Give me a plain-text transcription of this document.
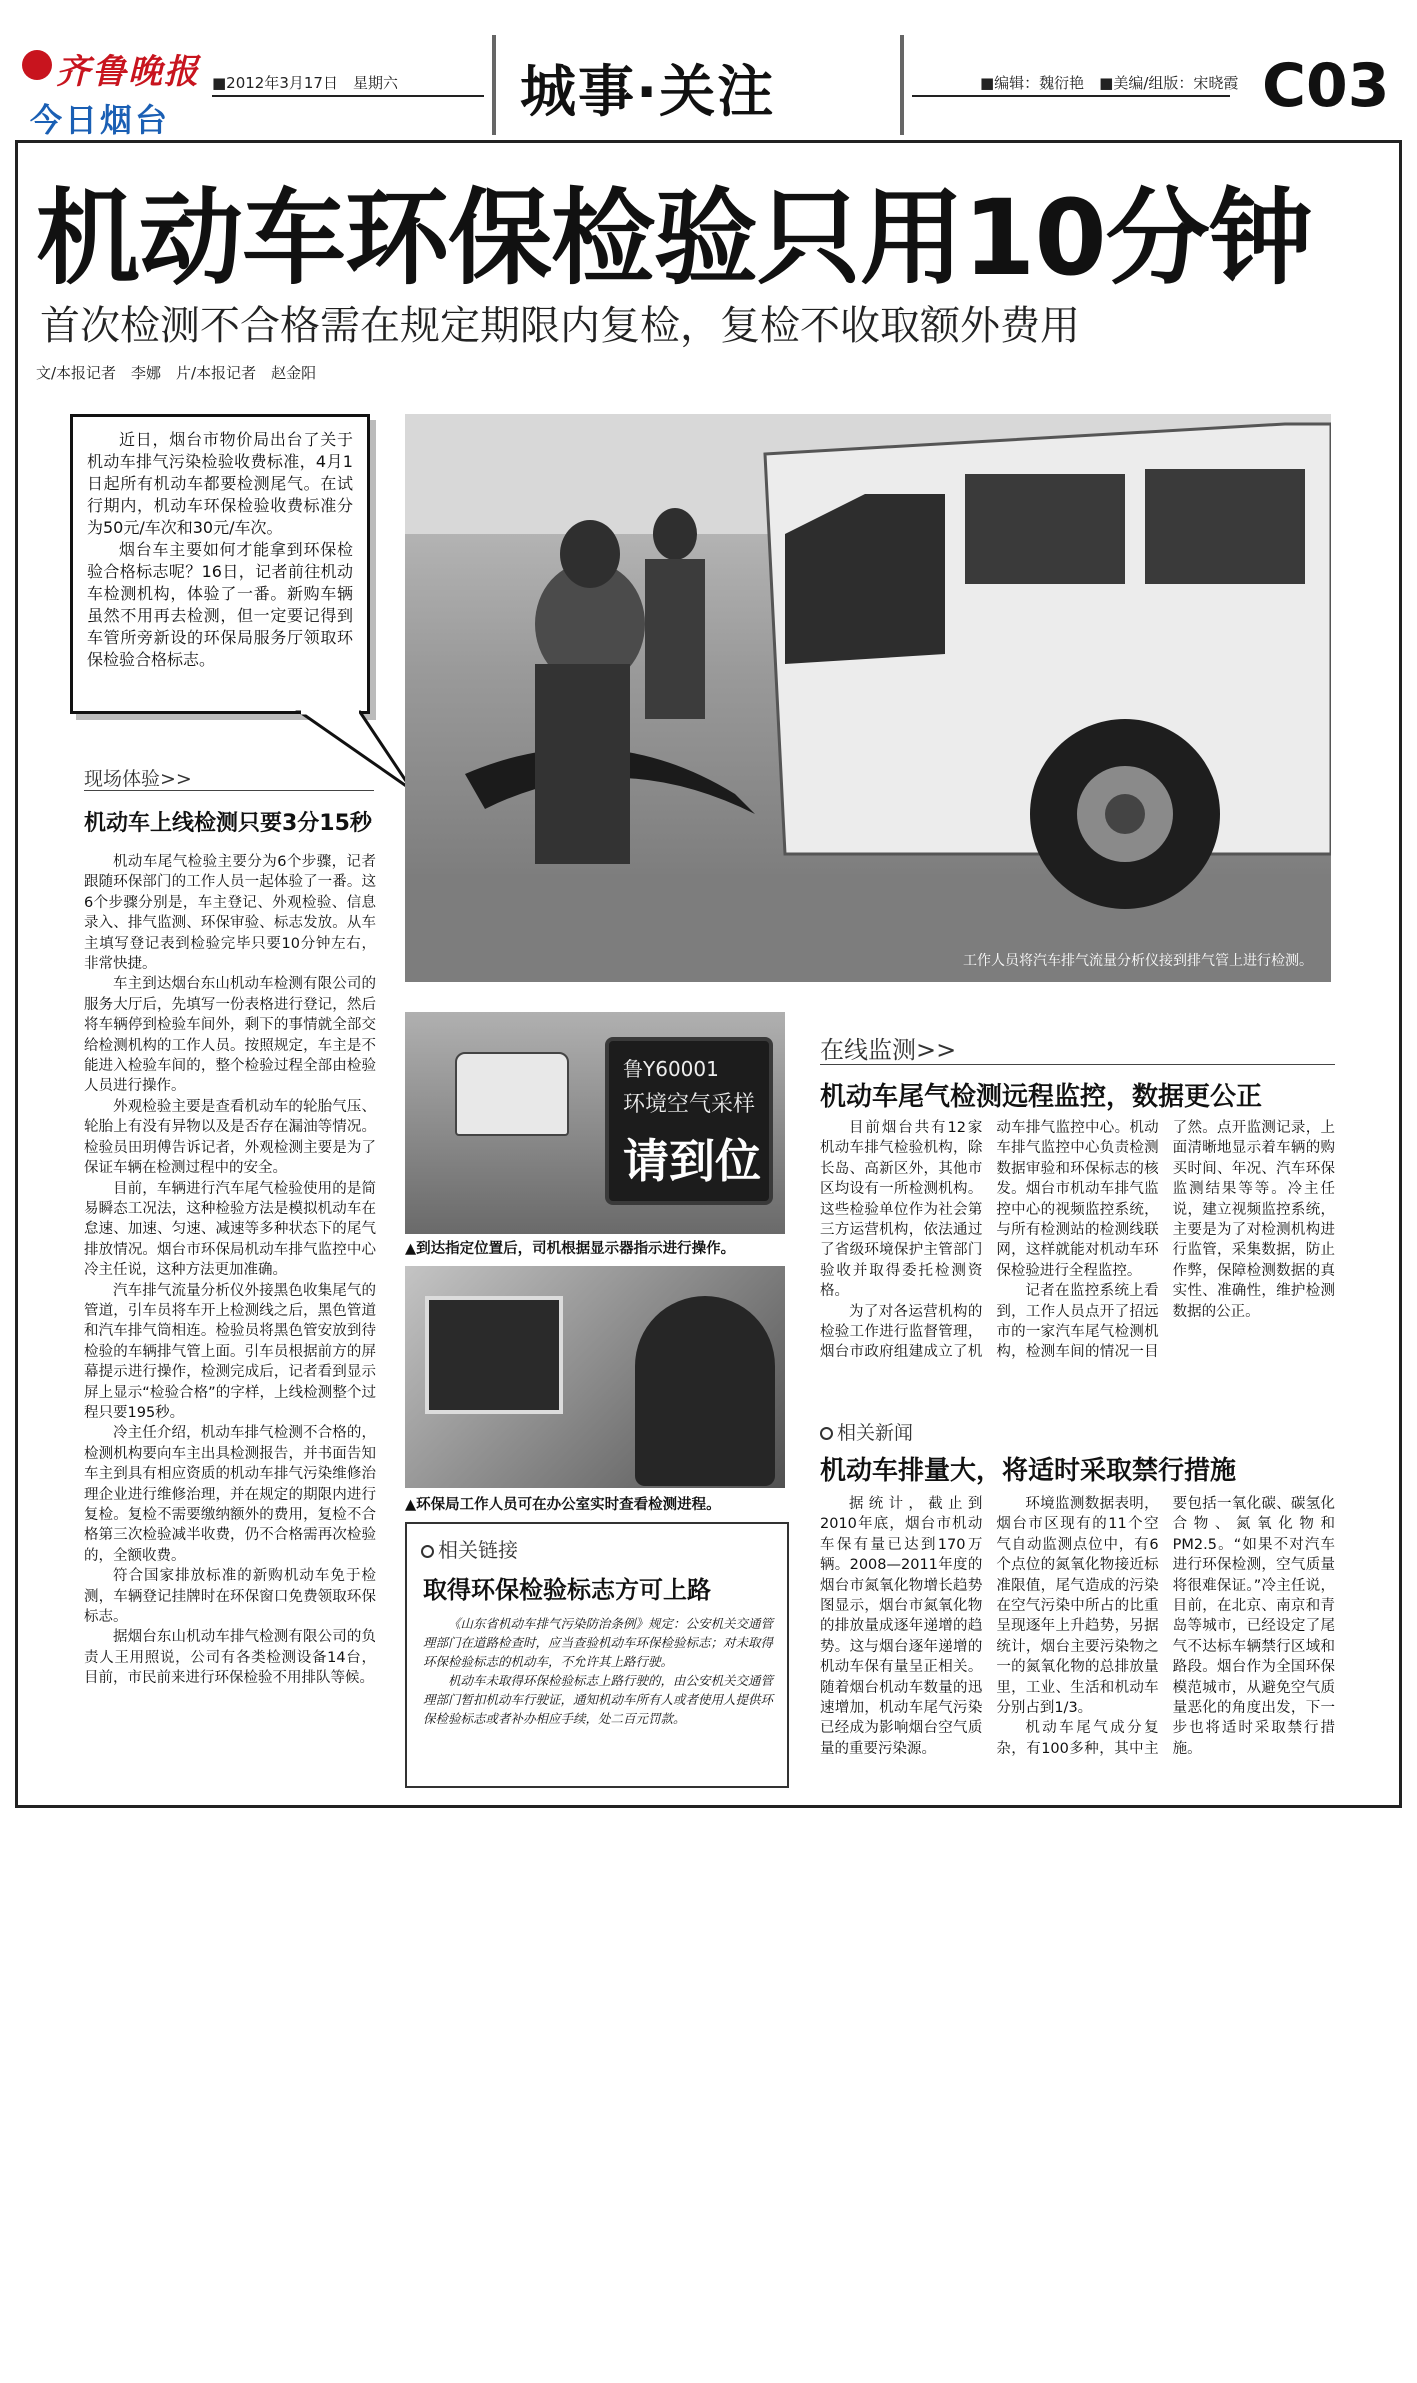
齐鲁晚报
今日烟台
■2012年3月17日　星期六 城事·关注	■编辑：魏衍艳　■美编/组版：宋晓霞 C03
机动车环保检验只用10分钟
首次检测不合格需在规定期限内复检，复检不收取额外费用
文/本报记者　李娜　片/本报记者　赵金阳

近日，烟台市物价局出台了关于机动车排气污染检验收费标准，4月1日起所有机动车都要检测尾气。在试行期内，机动车环保检验收费标准分为50元/车次和30元/车次。

烟台车主要如何才能拿到环保检验合格标志呢？16日，记者前往机动车检测机构，体验了一番。新购车辆虽然不用再去检测，但一定要记得到车管所旁新设的环保局服务厅领取环保检验合格标志。

现场体验>>
机动车上线检测只要3分15秒

机动车尾气检验主要分为6个步骤，记者跟随环保部门的工作人员一起体验了一番。这6个步骤分别是，车主登记、外观检验、信息录入、排气监测、环保审验、标志发放。从车主填写登记表到检验完毕只要10分钟左右，非常快捷。

车主到达烟台东山机动车检测有限公司的服务大厅后，先填写一份表格进行登记，然后将车辆停到检验车间外，剩下的事情就全部交给检测机构的工作人员。按照规定，车主是不能进入检验车间的，整个检验过程全部由检验人员进行操作。

外观检验主要是查看机动车的轮胎气压、轮胎上有没有异物以及是否存在漏油等情况。检验员田玥傅告诉记者，外观检测主要是为了保证车辆在检测过程中的安全。

目前，车辆进行汽车尾气检验使用的是简易瞬态工况法，这种检验方法是模拟机动车在怠速、加速、匀速、减速等多种状态下的尾气排放情况。烟台市环保局机动车排气监控中心冷主任说，这种方法更加准确。

汽车排气流量分析仪外接黑色收集尾气的管道，引车员将车开上检测线之后，黑色管道和汽车排气筒相连。检验员将黑色管安放到待检验的车辆排气管上面。引车员根据前方的屏幕提示进行操作，检测完成后，记者看到显示屏上显示“检验合格”的字样，上线检测整个过程只要195秒。

冷主任介绍，机动车排气检测不合格的，检测机构要向车主出具检测报告，并书面告知车主到具有相应资质的机动车排气污染维修治理企业进行维修治理，并在规定的期限内进行复检。复检不需要缴纳额外的费用，复检不合格第三次检验减半收费，仍不合格需再次检验的，全额收费。

符合国家排放标准的新购机动车免于检测，车辆登记挂牌时在环保窗口免费领取环保标志。

据烟台东山机动车排气检测有限公司的负责人王用照说，公司有各类检测设备14台，目前，市民前来进行环保检验不用排队等候。

工作人员将汽车排气流量分析仪接到排气管上进行检测。
鲁Y60001
环境空气采样
请到位
▲到达指定位置后，司机根据显示器指示进行操作。
▲环保局工作人员可在办公室实时查看检测进程。
相关链接
取得环保检验标志方可上路

《山东省机动车排气污染防治条例》规定：公安机关交通管理部门在道路检查时，应当查验机动车环保检验标志；对未取得环保检验标志的机动车，不允许其上路行驶。

机动车未取得环保检验标志上路行驶的，由公安机关交通管理部门暂扣机动车行驶证，通知机动车所有人或者使用人提供环保检验标志或者补办相应手续，处二百元罚款。

在线监测>>
机动车尾气检测远程监控，数据更公正

目前烟台共有12家机动车排气检验机构，除长岛、高新区外，其他市区均设有一所检测机构。这些检验单位作为社会第三方运营机构，依法通过了省级环境保护主管部门验收并取得委托检测资格。

为了对各运营机构的检验工作进行监督管理，烟台市政府组建成立了机动车排气监控中心。机动车排气监控中心负责检测数据审验和环保标志的核发。烟台市机动车排气监控中心的视频监控系统，与所有检测站的检测线联网，这样就能对机动车环保检验进行全程监控。

记者在监控系统上看到，工作人员点开了招远市的一家汽车尾气检测机构，检测车间的情况一目了然。点开监测记录，上面清晰地显示着车辆的购买时间、年况、汽车环保监测结果等等。冷主任说，建立视频监控系统，主要是为了对检测机构进行监管，采集数据，防止作弊，保障检测数据的真实性、准确性，维护检测数据的公正。

相关新闻
机动车排量大，将适时采取禁行措施

据统计，截止到2010年底，烟台市机动车保有量已达到170万辆。2008—2011年度的烟台市氮氧化物增长趋势图显示，烟台市氮氧化物的排放量成逐年递增的趋势。这与烟台逐年递增的机动车保有量呈正相关。随着烟台机动车数量的迅速增加，机动车尾气污染已经成为影响烟台空气质量的重要污染源。

环境监测数据表明，烟台市区现有的11个空气自动监测点位中，有6个点位的氮氧化物接近标准限值，尾气造成的污染在空气污染中所占的比重呈现逐年上升趋势，另据统计，烟台主要污染物之一的氮氧化物的总排放量里，工业、生活和机动车分别占到1/3。

机动车尾气成分复杂，有100多种，其中主要包括一氧化碳、碳氢化合物、氮氧化物和PM2.5。“如果不对汽车进行环保检测，空气质量将很难保证。”冷主任说，目前，在北京、南京和青岛等城市，已经设定了尾气不达标车辆禁行区域和路段。烟台作为全国环保模范城市，从避免空气质量恶化的角度出发，下一步也将适时采取禁行措施。
